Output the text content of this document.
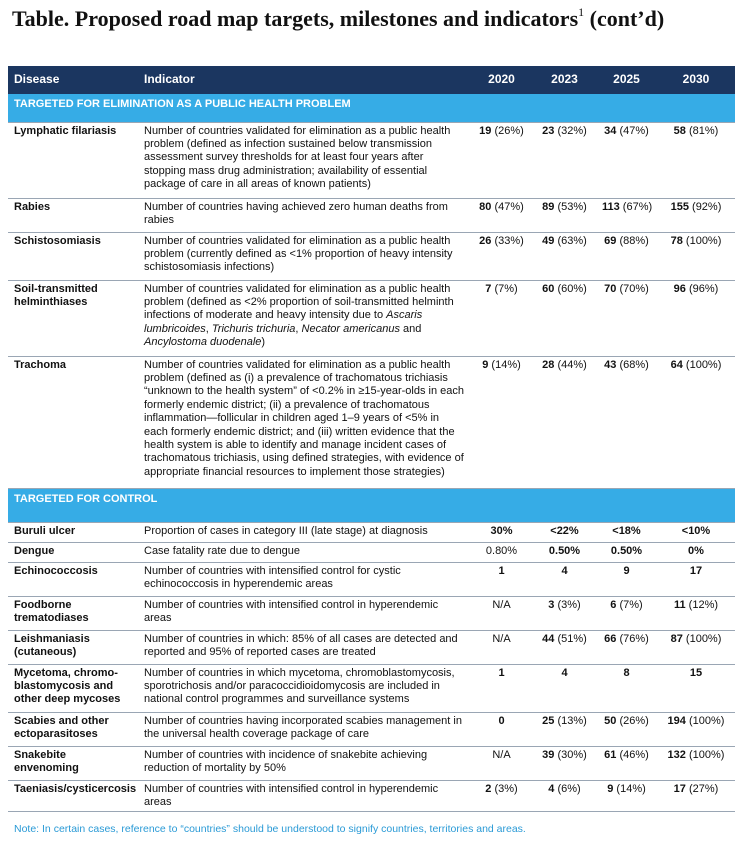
Table. Proposed road map targets, milestones and indicators$^1$ (cont’d)
Disease	Indicator	2020	2023	2025	2030
TARGETED FOR ELIMINATION AS A PUBLIC HEALTH PROBLEM					
Lymphatic filariasis	Number of countries validated for elimination as a public health problem (defined as infection sustained below transmission assessment survey thresholds for at least four years after stopping mass drug administration; availability of essential package of care in all areas of known patients)	19 (26%)	23 (32%)	34 (47%)	58 (81%)
Rabies	Number of countries having achieved zero human deaths from rabies	80 (47%)	89 (53%)	113 (67%)	155 (92%)
Schistosomiasis	Number of countries validated for elimination as a public health problem (currently defined as <1% proportion of heavy intensity schistosomiasis infections)	26 (33%)	49 (63%)	69 (88%)	78 (100%)
Soil-transmitted helminthiases	Number of countries validated for elimination as a public health problem (defined as <2% proportion of soil-transmitted helminth infections of moderate and heavy intensity due to Ascaris lumbricoides, Trichuris trichuria, Necator americanus and Ancylostoma duodenale)	7 (7%)	60 (60%)	70 (70%)	96 (96%)
Trachoma	Number of countries validated for elimination as a public health problem (defined as (i) a prevalence of trachomatous trichiasis “unknown to the health system” of <0.2% in ≥15-year-olds in each formerly endemic district; (ii) a prevalence of trachomatous inflammation—follicular in children aged 1–9 years of <5% in each formerly endemic district; and (iii) written evidence that the health system is able to identify and manage incident cases of trachomatous trichiasis, using defined strategies, with evidence of appropriate financial resources to implement those strategies)	9 (14%)	28 (44%)	43 (68%)	64 (100%)
TARGETED FOR CONTROL					
Buruli ulcer	Proportion of cases in category III (late stage) at diagnosis	30%	<22%	<18%	<10%
Dengue	Case fatality rate due to dengue	0.80%	0.50%	0.50%	0%
Echinococcosis	Number of countries with intensified control for cystic echinococcosis in hyperendemic areas	1	4	9	17
Foodborne trematodiases	Number of countries with intensified control in hyperendemic areas	N/A	3 (3%)	6 (7%)	11 (12%)
Leishmaniasis (cutaneous)	Number of countries in which: 85% of all cases are detected and reported and 95% of reported cases are treated	N/A	44 (51%)	66 (76%)	87 (100%)
Mycetoma, chromo-blastomycosis and other deep mycoses	Number of countries in which mycetoma, chromoblastomycosis, sporotrichosis and/or paracoccidioidomycosis are included in national control programmes and surveillance systems	1	4	8	15
Scabies and other ectoparasitoses	Number of countries having incorporated scabies management in the universal health coverage package of care	0	25 (13%)	50 (26%)	194 (100%)
Snakebite envenoming	Number of countries with incidence of snakebite achieving reduction of mortality by 50%	N/A	39 (30%)	61 (46%)	132 (100%)
Taeniasis/cysticercosis	Number of countries with intensified control in hyperendemic areas	2 (3%)	4 (6%)	9 (14%)	17 (27%)
Note: In certain cases, reference to “countries” should be understood to signify countries, territories and areas.
